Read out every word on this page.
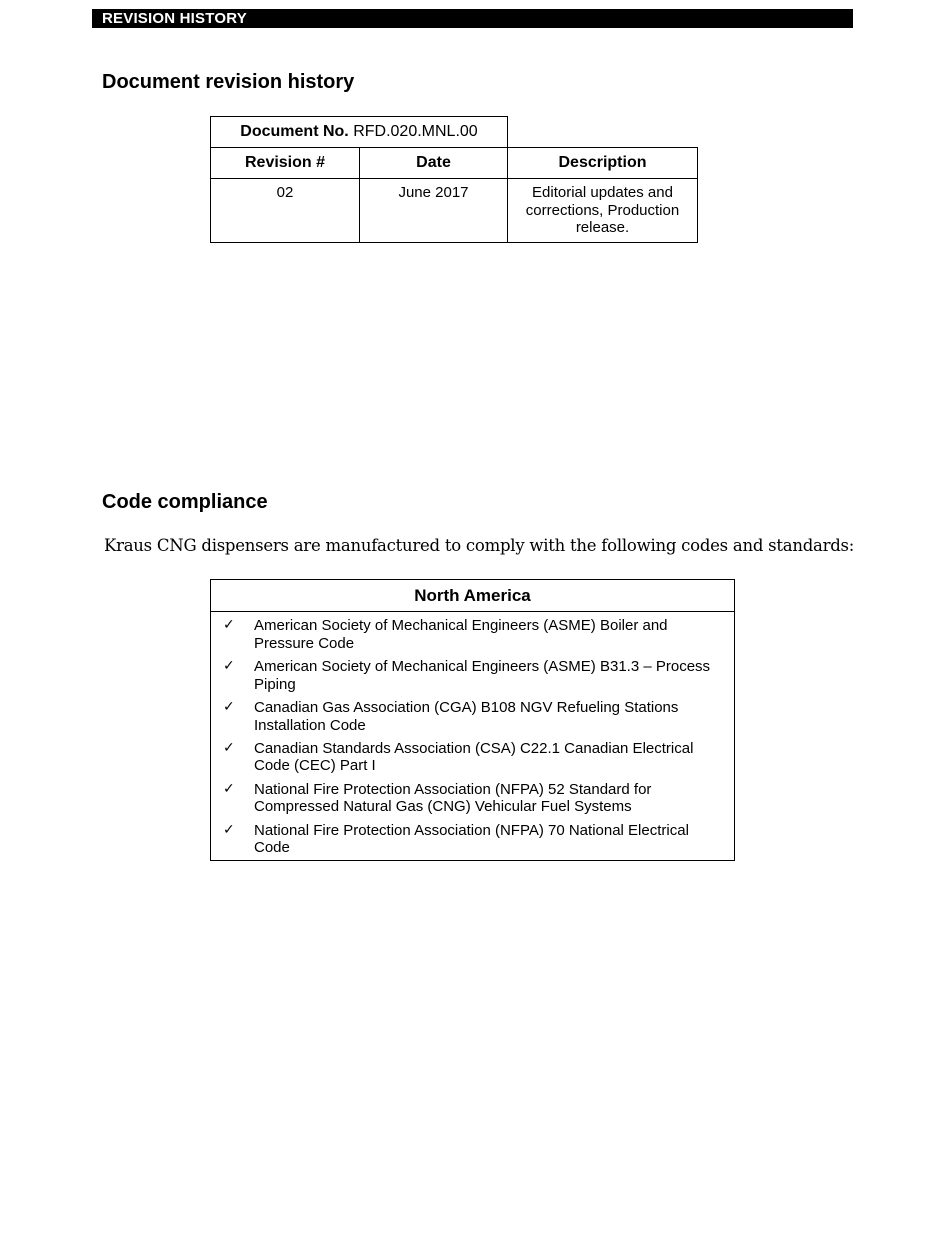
REVISION HISTORY
Document revision history
Document No. RFD.020.MNL.00		
Revision #	Date	Description
02	June 2017	Editorial updates and corrections, Production release.
Code compliance

Kraus CNG dispensers are manufactured to comply with the following codes and standards:

North America
✓ American Society of Mechanical Engineers (ASME) Boiler and Pressure Code
✓ American Society of Mechanical Engineers (ASME) B31.3 – Process Piping
✓ Canadian Gas Association (CGA) B108 NGV Refueling Stations Installation Code
✓ Canadian Standards Association (CSA) C22.1 Canadian Electrical Code (CEC) Part I
✓ National Fire Protection Association (NFPA) 52 Standard for Compressed Natural Gas (CNG) Vehicular Fuel Systems
✓ National Fire Protection Association (NFPA) 70 National Electrical Code
